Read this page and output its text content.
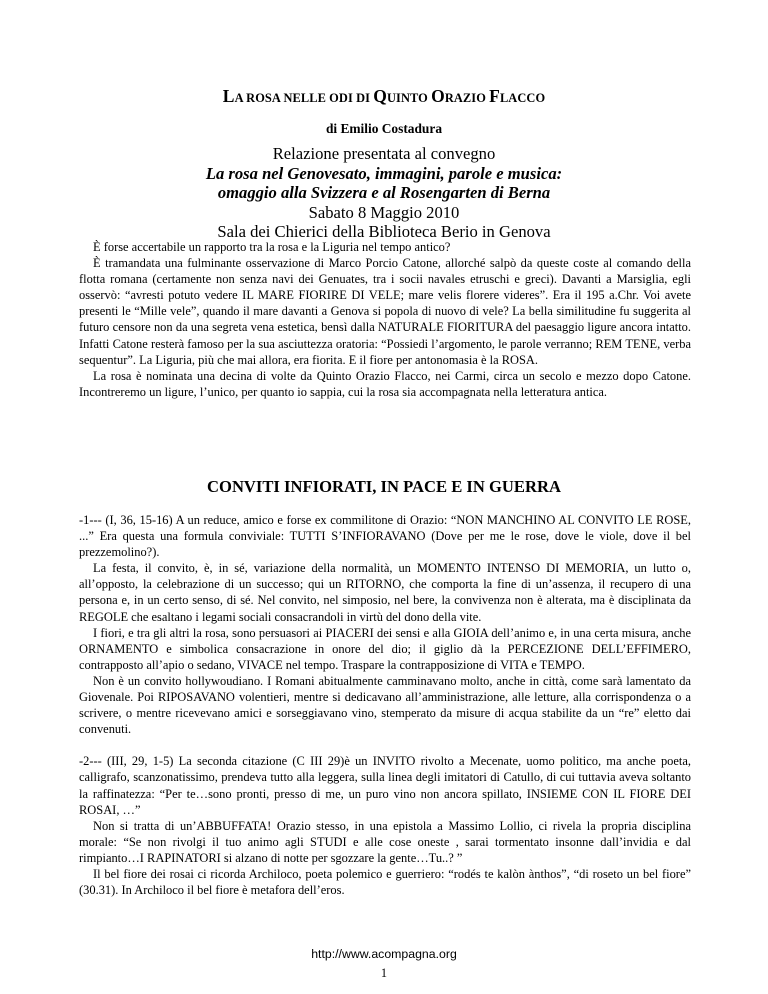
LA ROSA NELLE ODI DI QUINTO ORAZIO FLACCO
di Emilio Costadura
Relazione presentata al convegno
La rosa nel Genovesato, immagini, parole e musica:
omaggio alla Svizzera e al Rosengarten di Berna
Sabato 8 Maggio 2010
Sala dei Chierici della Biblioteca Berio in Genova

È forse accertabile un rapporto tra la rosa e la Liguria nel tempo antico?

È tramandata una fulminante osservazione di Marco Porcio Catone, allorché salpò da queste coste al comando della flotta romana (certamente non senza navi dei Genuates, tra i socii navales etruschi e greci). Davanti a Marsiglia, egli osservò: “avresti potuto vedere IL MARE FIORIRE DI VELE; mare velis florere videres”. Era il 195 a.Chr. Voi avete presenti le “Mille vele”, quando il mare davanti a Genova si popola di nuovo di vele? La bella similitudine fu suggerita al futuro censore non da una segreta vena estetica, bensì dalla NATURALE FIORITURA del paesaggio ligure ancora intatto. Infatti Catone resterà famoso per la sua asciuttezza oratoria: “Possiedi l’argomento, le parole verranno; REM TENE, verba sequentur”. La Liguria, più che mai allora, era fiorita. E il fiore per antonomasia è la ROSA.

La rosa è nominata una decina di volte da Quinto Orazio Flacco, nei Carmi, circa un secolo e mezzo dopo Catone. Incontreremo un ligure, l’unico, per quanto io sappia, cui la rosa sia accompagnata nella letteratura antica.

CONVITI INFIORATI, IN PACE E IN GUERRA

-1--- (I, 36, 15-16) A un reduce, amico e forse ex commilitone di Orazio: “NON MANCHINO AL CONVITO LE ROSE, ...” Era questa una formula conviviale: TUTTI S’INFIORAVANO (Dove per me le rose, dove le viole, dove il bel prezzemolino?).

La festa, il convito, è, in sé, variazione della normalità, un MOMENTO INTENSO DI MEMORIA, un lutto o, all’opposto, la celebrazione di un successo; qui un RITORNO, che comporta la fine di un’assenza, il recupero di una persona e, in un certo senso, di sé. Nel convito, nel simposio, nel bere, la convivenza non è alterata, ma è disciplinata da REGOLE che esaltano i legami sociali consacrandoli in virtù del dono della vite.

I fiori, e tra gli altri la rosa, sono persuasori ai PIACERI dei sensi e alla GIOIA dell’animo e, in una certa misura, anche ORNAMENTO e simbolica consacrazione in onore del dio; il giglio dà la PERCEZIONE DELL’EFFIMERO, contrapposto all’apio o sedano, VIVACE nel tempo. Traspare la contrapposizione di VITA e TEMPO.

Non è un convito hollywoudiano. I Romani abitualmente camminavano molto, anche in città, come sarà lamentato da Giovenale. Poi RIPOSAVANO volentieri, mentre si dedicavano all’amministrazione, alle letture, alla corrispondenza o a scrivere, o mentre ricevevano amici e sorseggiavano vino, stemperato da misure di acqua stabilite da un “re” eletto dai convenuti.

-2--- (III, 29, 1-5) La seconda citazione (C III 29)è un INVITO rivolto a Mecenate, uomo politico, ma anche poeta, calligrafo, scanzonatissimo, prendeva tutto alla leggera, sulla linea degli imitatori di Catullo, di cui tuttavia aveva soltanto la raffinatezza: “Per te…sono pronti, presso di me, un puro vino non ancora spillato, INSIEME CON IL FIORE DEI ROSAI, …”

Non si tratta di un’ABBUFFATA! Orazio stesso, in una epistola a Massimo Lollio, ci rivela la propria disciplina morale: “Se non rivolgi il tuo animo agli STUDI e alle cose oneste , sarai tormentato insonne dall’invidia e dal rimpianto…I RAPINATORI si alzano di notte per sgozzare la gente…Tu..? ”

Il bel fiore dei rosai ci ricorda Archiloco, poeta polemico e guerriero: “rodés te kalòn ànthos”, “di roseto un bel fiore” (30.31). In Archiloco il bel fiore è metafora dell’eros.

http://www.acompagna.org
1
